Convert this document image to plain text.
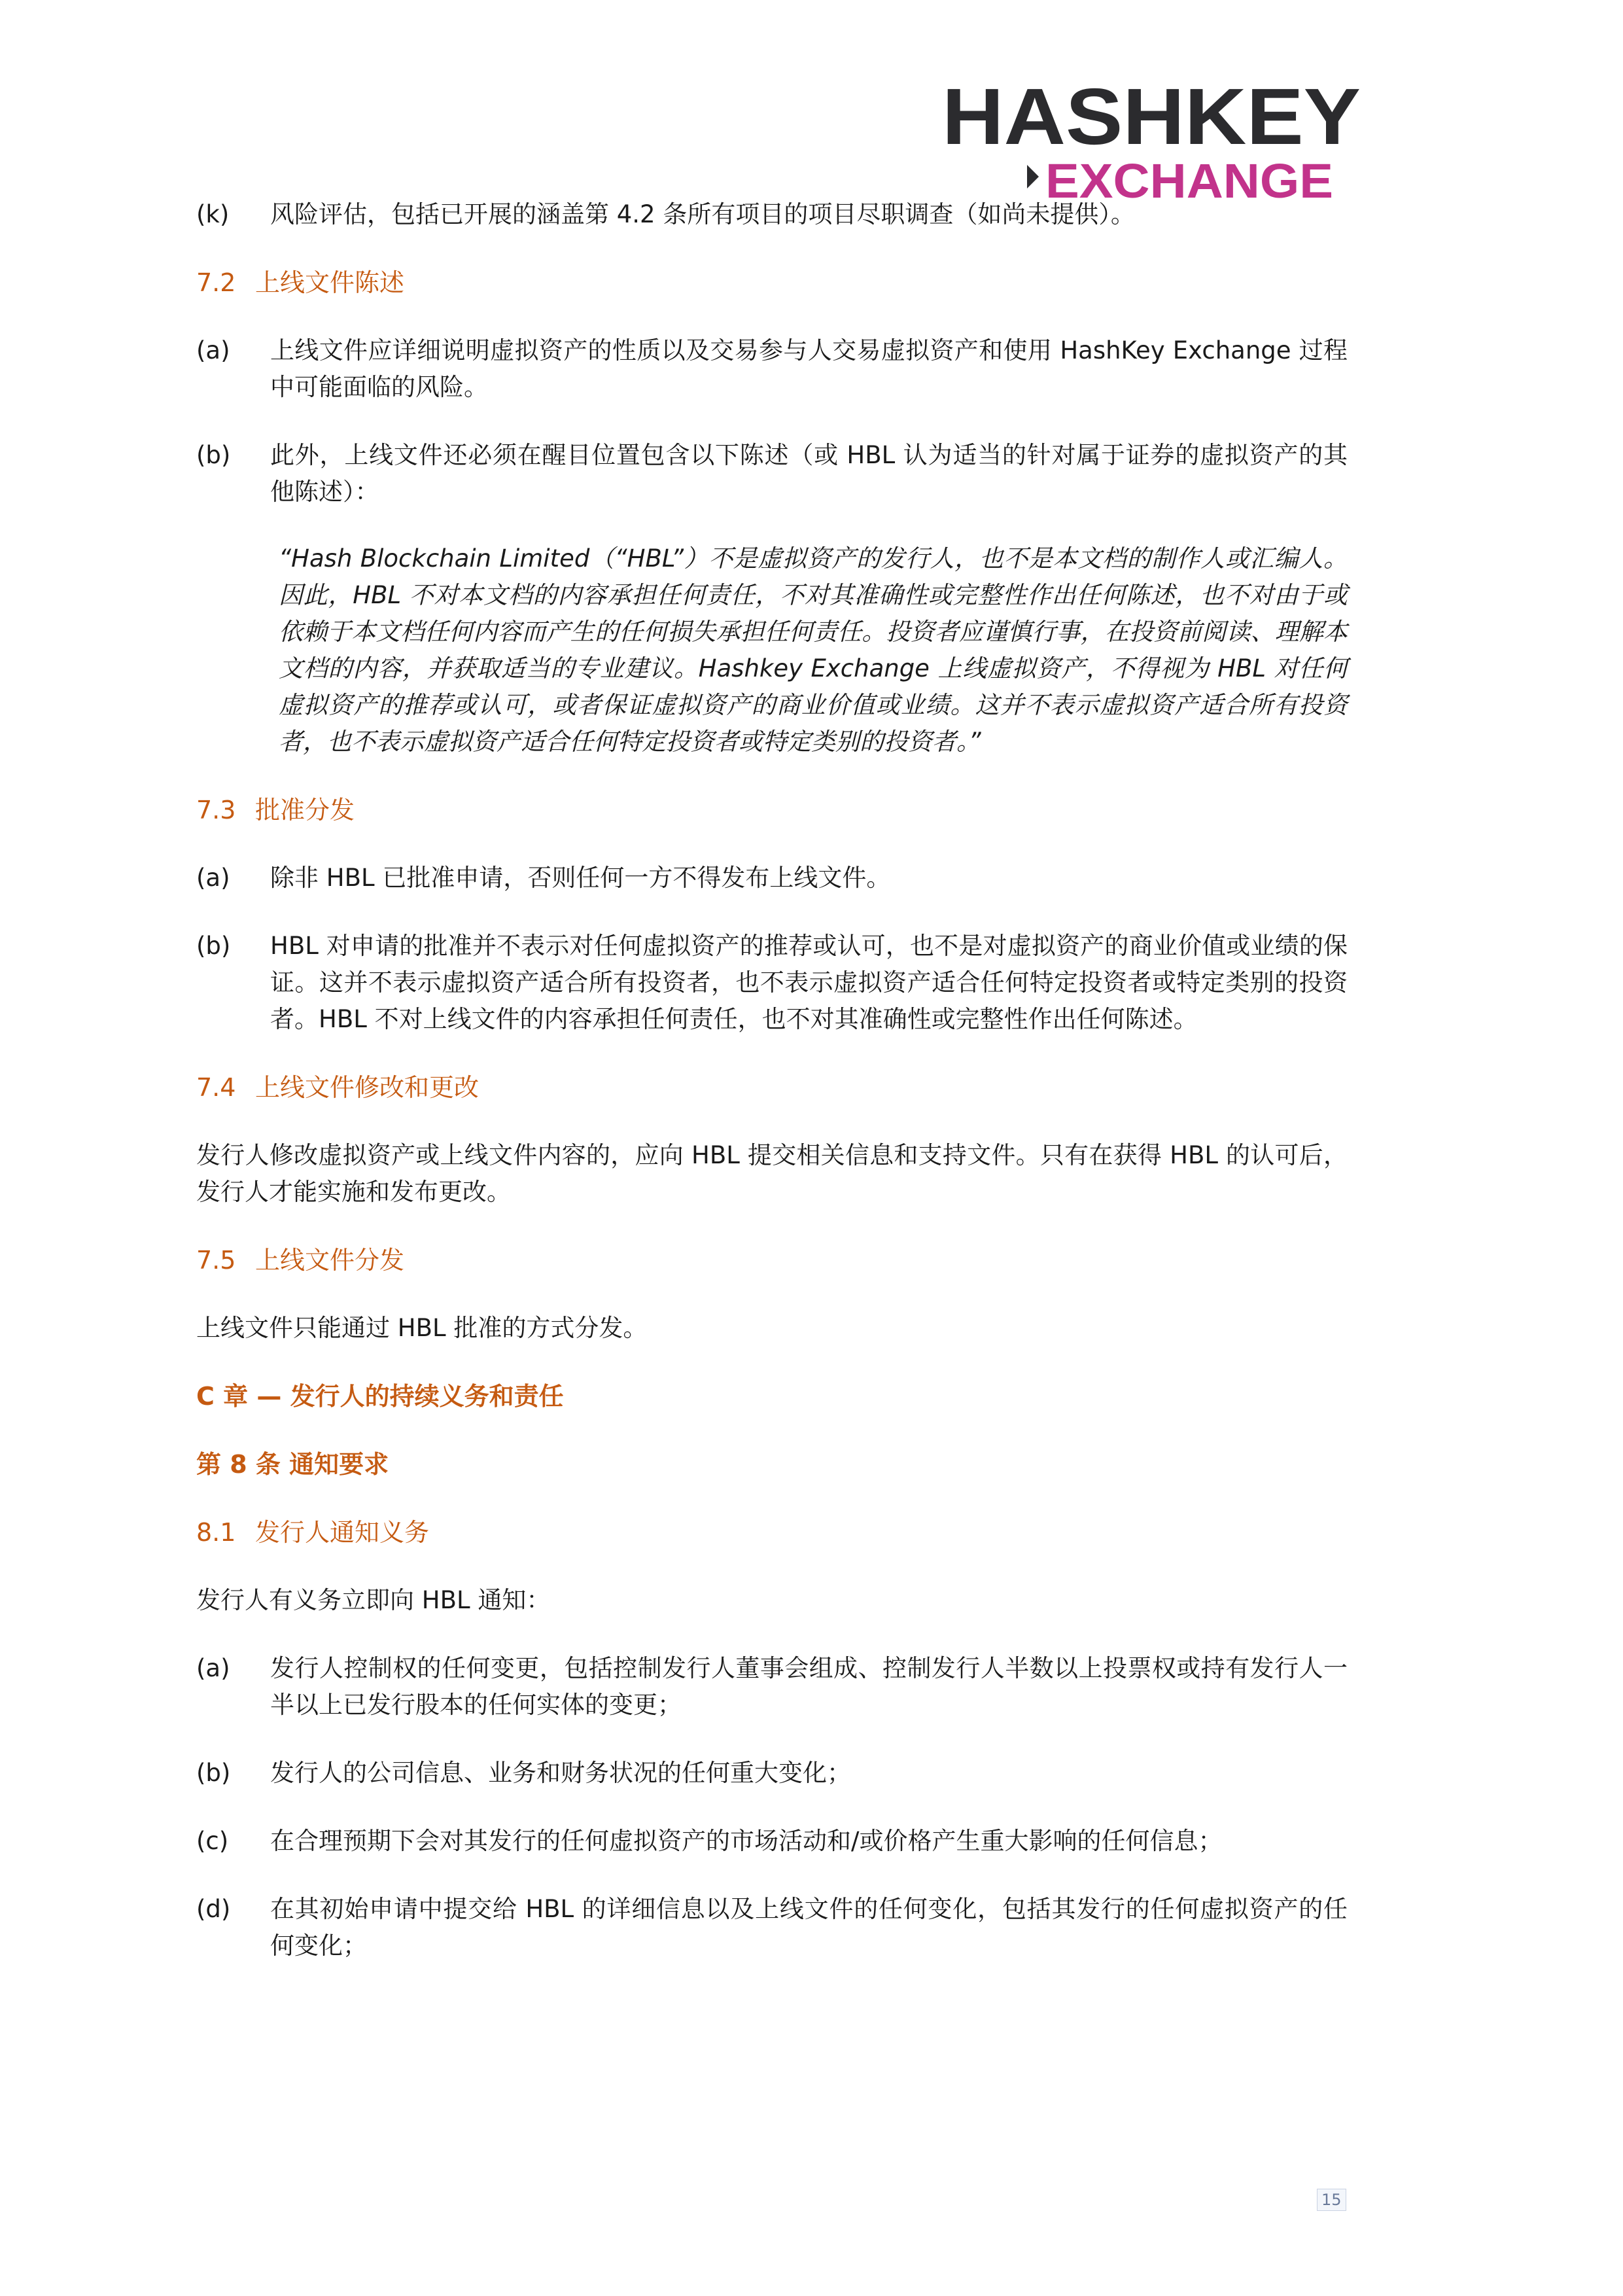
HASHKEY
EXCHANGE
(k)	风险评估，包括已开展的涵盖第 4.2 条所有项目的项目尽职调查（如尚未提供）。
7.2 上线文件陈述
(a)	上线文件应详细说明虚拟资产的性质以及交易参与人交易虚拟资产和使用 HashKey Exchange 过程中可能面临的风险。
(b)	此外，上线文件还必须在醒目位置包含以下陈述（或 HBL 认为适当的针对属于证券的虚拟资产的其他陈述）：
“Hash Blockchain Limited（“HBL”）不是虚拟资产的发行人，也不是本文档的制作人或汇编人。因此，HBL 不对本文档的内容承担任何责任，不对其准确性或完整性作出任何陈述，也不对由于或依赖于本文档任何内容而产生的任何损失承担任何责任。投资者应谨慎行事，在投资前阅读、理解本文档的内容，并获取适当的专业建议。Hashkey Exchange 上线虚拟资产，不得视为 HBL 对任何虚拟资产的推荐或认可，或者保证虚拟资产的商业价值或业绩。这并不表示虚拟资产适合所有投资者，也不表示虚拟资产适合任何特定投资者或特定类别的投资者。”
7.3 批准分发
(a)	除非 HBL 已批准申请，否则任何一方不得发布上线文件。
(b)	HBL 对申请的批准并不表示对任何虚拟资产的推荐或认可，也不是对虚拟资产的商业价值或业绩的保证。这并不表示虚拟资产适合所有投资者，也不表示虚拟资产适合任何特定投资者或特定类别的投资者。HBL 不对上线文件的内容承担任何责任，也不对其准确性或完整性作出任何陈述。
7.4 上线文件修改和更改

发行人修改虚拟资产或上线文件内容的，应向 HBL 提交相关信息和支持文件。只有在获得 HBL 的认可后，发行人才能实施和发布更改。

7.5 上线文件分发

上线文件只能通过 HBL 批准的方式分发。

C 章 — 发行人的持续义务和责任
第 8 条 通知要求
8.1 发行人通知义务

发行人有义务立即向 HBL 通知：

(a)	发行人控制权的任何变更，包括控制发行人董事会组成、控制发行人半数以上投票权或持有发行人一半以上已发行股本的任何实体的变更；
(b)	发行人的公司信息、业务和财务状况的任何重大变化；
(c)	在合理预期下会对其发行的任何虚拟资产的市场活动和/或价格产生重大影响的任何信息；
(d)	在其初始申请中提交给 HBL 的详细信息以及上线文件的任何变化，包括其发行的任何虚拟资产的任何变化；
15
